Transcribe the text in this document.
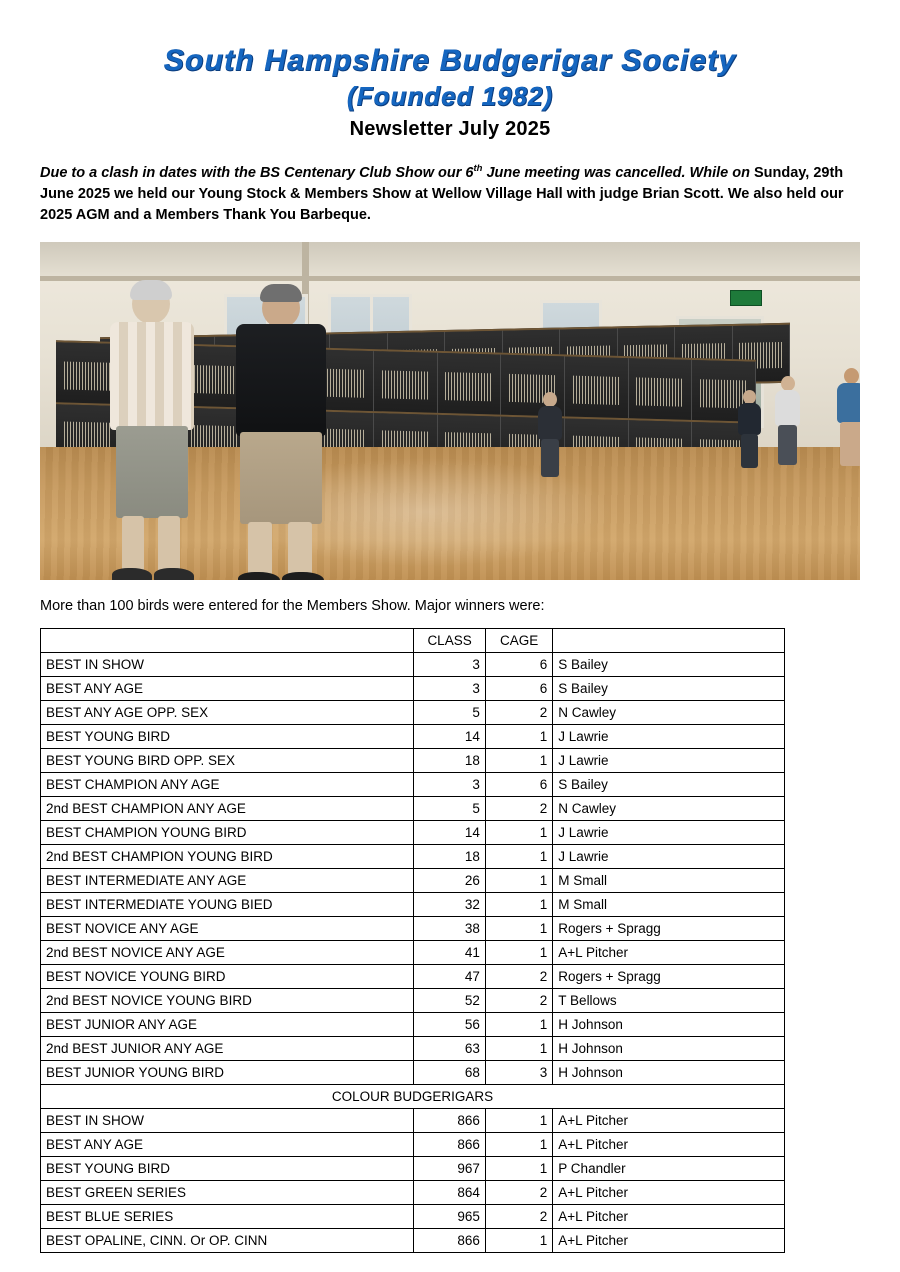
South Hampshire Budgerigar Society
(Founded 1982)
Newsletter July 2025

Due to a clash in dates with the BS Centenary Club Show our 6th June meeting was cancelled. While on Sunday, 29th June 2025 we held our Young Stock & Members Show at Wellow Village Hall with judge Brian Scott. We also held our 2025 AGM and a Members Thank You Barbeque.

More than 100 birds were entered for the Members Show. Major winners were:
	CLASS	CAGE	
BEST IN SHOW	3	6	S Bailey
BEST ANY AGE	3	6	S Bailey
BEST ANY AGE OPP. SEX	5	2	N Cawley
BEST YOUNG BIRD	14	1	J Lawrie
BEST YOUNG BIRD OPP. SEX	18	1	J Lawrie
BEST CHAMPION ANY AGE	3	6	S Bailey
2nd BEST CHAMPION ANY AGE	5	2	N Cawley
BEST CHAMPION YOUNG BIRD	14	1	J Lawrie
2nd BEST CHAMPION YOUNG BIRD	18	1	J Lawrie
BEST INTERMEDIATE ANY AGE	26	1	M Small
BEST INTERMEDIATE YOUNG BIED	32	1	M Small
BEST NOVICE ANY AGE	38	1	Rogers + Spragg
2nd BEST NOVICE ANY AGE	41	1	A+L Pitcher
BEST NOVICE YOUNG BIRD	47	2	Rogers + Spragg
2nd BEST NOVICE YOUNG BIRD	52	2	T Bellows
BEST JUNIOR ANY AGE	56	1	H Johnson
2nd BEST JUNIOR ANY AGE	63	1	H Johnson
BEST JUNIOR YOUNG BIRD	68	3	H Johnson
COLOUR BUDGERIGARS			
BEST IN SHOW	866	1	A+L Pitcher
BEST ANY AGE	866	1	A+L Pitcher
BEST YOUNG BIRD	967	1	P Chandler
BEST GREEN SERIES	864	2	A+L Pitcher
BEST BLUE SERIES	965	2	A+L Pitcher
BEST OPALINE, CINN. Or OP. CINN	866	1	A+L Pitcher
